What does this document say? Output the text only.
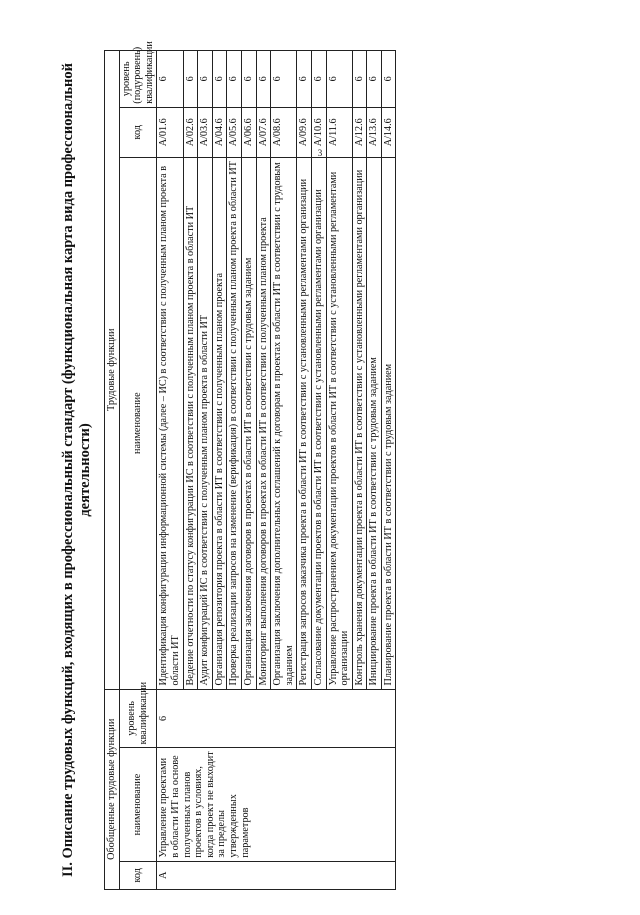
3
II. Описание трудовых функций, входящих в профессиональный стандарт (функциональная карта вида профессиональной деятельности)
Обобщенные трудовые функции			Трудовые функции		
код	наименование	уровень квалификации	наименование	код	уровень (подуровень) квалификации
А	Управление проектами в области ИТ на основе полученных планов проектов в условиях, когда проект не выходит за пределы утвержденных параметров	6	Идентификация конфигурации информационной системы (далее – ИС) в соответствии с полученным планом проекта в области ИТ	A/01.6	6
			Ведение отчетности по статусу конфигурации ИС в соответствии с полученным планом проекта в области ИТ	A/02.6	6
			Аудит конфигураций ИС в соответствии с полученным планом проекта в области ИТ	A/03.6	6
			Организация репозитория проекта в области ИТ в соответствии с полученным планом проекта	A/04.6	6
			Проверка реализации запросов на изменение (верификация) в соответствии с полученным планом проекта в области ИТ	A/05.6	6
			Организация заключения договоров в проектах в области ИТ в соответствии с трудовым заданием	A/06.6	6
			Мониторинг выполнения договоров в проектах в области ИТ в соответствии с полученным планом проекта	A/07.6	6
			Организация заключения дополнительных соглашений к договорам в проектах в области ИТ в соответствии с трудовым заданием	A/08.6	6
			Регистрация запросов заказчика проекта в области ИТ в соответствии с установленными регламентами организации	A/09.6	6
			Согласование документации проектов в области ИТ в соответствии с установленными регламентами организации	A/10.6	6
			Управление распространением документации проектов в области ИТ в соответствии с установленными регламентами организации	A/11.6	6
			Контроль хранения документации проекта в области ИТ в соответствии с установленными регламентами организации	A/12.6	6
			Инициирование проекта в области ИТ в соответствии с трудовым заданием	A/13.6	6
			Планирование проекта в области ИТ в соответствии с трудовым заданием	A/14.6	6
